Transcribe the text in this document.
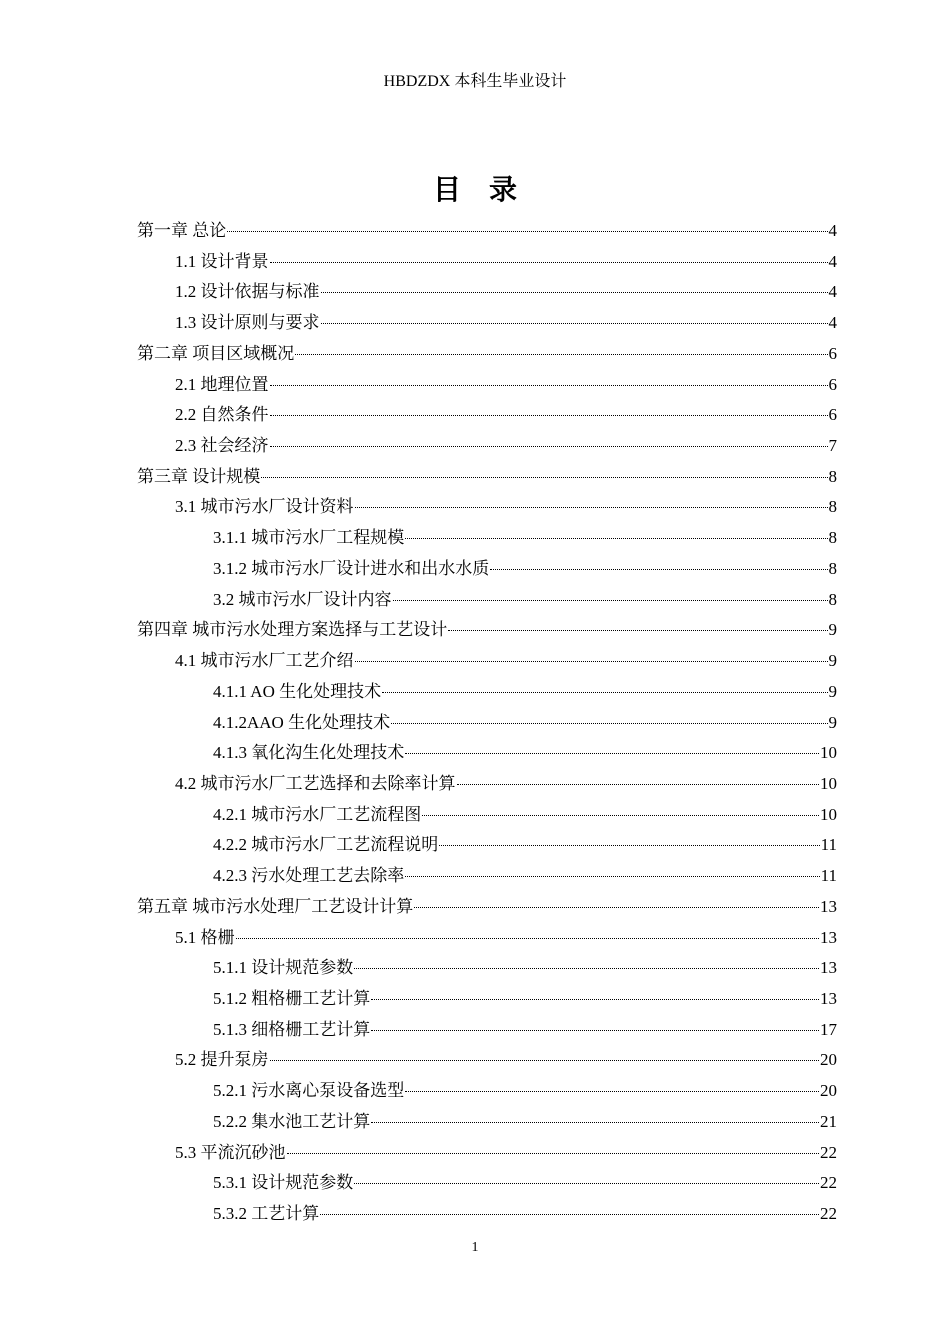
HBDZDX 本科生毕业设计
目录
第一章 总论	4
1.1 设计背景	4
1.2 设计依据与标准	4
1.3 设计原则与要求	4
第二章 项目区域概况	6
2.1 地理位置	6
2.2 自然条件	6
2.3 社会经济	7
第三章 设计规模	8
3.1 城市污水厂设计资料	8
3.1.1 城市污水厂工程规模	8
3.1.2 城市污水厂设计进水和出水水质	8
3.2 城市污水厂设计内容	8
第四章 城市污水处理方案选择与工艺设计	9
4.1 城市污水厂工艺介绍	9
4.1.1 AO 生化处理技术	9
4.1.2AAO 生化处理技术	9
4.1.3 氧化沟生化处理技术	10
4.2 城市污水厂工艺选择和去除率计算	10
4.2.1 城市污水厂工艺流程图	10
4.2.2 城市污水厂工艺流程说明	11
4.2.3 污水处理工艺去除率	11
第五章 城市污水处理厂工艺设计计算	13
5.1 格栅	13
5.1.1 设计规范参数	13
5.1.2 粗格栅工艺计算	13
5.1.3 细格栅工艺计算	17
5.2 提升泵房	20
5.2.1 污水离心泵设备选型	20
5.2.2 集水池工艺计算	21
5.3 平流沉砂池	22
5.3.1 设计规范参数	22
5.3.2 工艺计算	22
1
